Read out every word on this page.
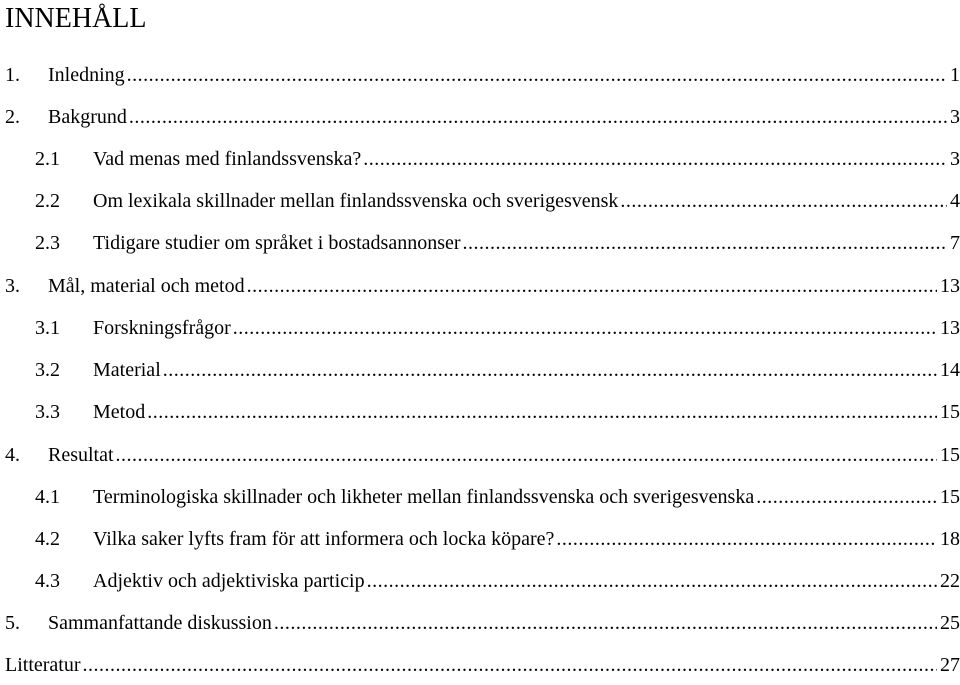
INNEHÅLL
1. Inledning .....	1
2. Bakgrund .....	3
2.1 Vad menas med finlandssvenska? .....	3
2.2 Om lexikala skillnader mellan finlandssvenska och sverigesvensk .....	4
2.3 Tidigare studier om språket i bostadsannonser .....	7
3. Mål, material och metod .....	13
3.1 Forskningsfrågor .....	13
3.2 Material .....	14
3.3 Metod .....	15
4. Resultat .....	15
4.1 Terminologiska skillnader och likheter mellan finlandssvenska och sverigesvenska .....	15
4.2 Vilka saker lyfts fram för att informera och locka köpare? .....	18
4.3 Adjektiv och adjektiviska particip .....	22
5. Sammanfattande diskussion .....	25
Litteratur .....	27
